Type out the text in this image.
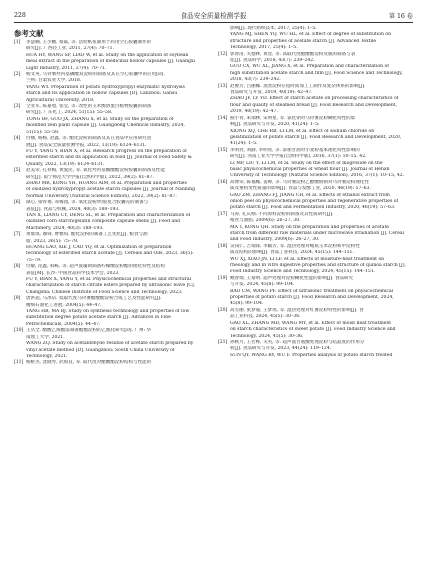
228	食品安全质量检测学报	第 16 卷
参考文献
[1]	李慧娴, 王少鹏, 蔡戚, 等. 活检纸浆制用于药用空心胶囊制作的
研究[J]. 广西轻工业, 2011, 27(4): 70–71.
HUA HY, WANG SP, LIAO W, et al. Study on the application of soybean
meal extract in the preparation of medicinal hollow capsules [J]. Guangxi
Light Industry, 2011, 27(4): 70–71.
[2]	杨文英. 马铃薯羟丙基磷酸双淀粉的制备及其在空心胶囊中的应用[D].
兰州: 甘肃农业大学, 2018.
YANG WY. Preparation of potato hydroxypropyl enzymatic hydrolysis
starch and its application in hollow capsules [D]. Lanzhou: Gansu
Agricultural University, 2018.
[3]	仝亚军, 陈嘉旭, 张莹, 等. 改性的玉米醇溶蛋白植物胶囊的制备
研究[J]. 广东化工, 2024, 51(15): 55–58.
TONG BF, GUO JX, ZHANG X, et al. Study on the preparation of
modified zein plant capsule [J]. Guangdong Chemical Industry, 2024,
51(15): 55–58.
[4]	付丽, 杨杨, 赵鑫, 等. 酯化淀粉的制备及其在食品中应用研究进
展[J]. 食品安全质量检测学报, 2022, 13(19): 6124–6131.
FU Y, YANG Y, BIAN X, et al. Research progress on the preparation of
esterified starch and its application in food [J]. Journal of Food Safety &
Quality, 2022, 13(19): 6124–6131.
[5]	赵美荣, 孔祥梅, 黄爱民, 等. 氧化羟丙基酶酸酯淀粉胶囊的制备及性能
研究[J]. 南宁师范大学学报(自然科学版), 2022, 39(2): 81–87.
ZHAO MR, KONG YH, HUANG AIM, et al. Preparation and properties
of oxidized hydroxypropyl acetate starch capsules [J]. Journal of Nanning
Normal University (Natural Science Edition), 2022, 39(2): 81–87.
[6]	谭心, 梁青禧, 邓梅园, 等. 氧化淀粉/明胶复合胶囊壳的制备与
表征[J]. 食品与机械, 2024, 40(3): 188–193.
TAN X, LIANG CY, DENG SL, et al. Preparation and characterization of
oxidized corn starch/gelatin composite capsule shells [J]. Food and
Machinery, 2024, 40(3): 188–193.
[7]	黄康琪, 谢锋, 曹雅琪. 酯化淀粉的制备工艺优化[J]. 粮食与油
脂, 2023, 36(5): 75–79.
HUANG LAO, XIE J, CAO YQ, et al. Optimization of preparation
technology of esterified starch acetate [J]. Cereals and Oils, 2023, 36(5):
75–79.
[8]	付敏, 范鑫, 韩栋, 等. 超声波辅助制备柠檬酸淀粉酯的理化特性及结构
表征[M]. 长沙: 中国食品科学技术学会, 2023.
FU Y, BIAN X, YANG Y, et al. Physicochemical properties and structural
characterization of starch citrate esters prepared by ultrasonic wave [C].
Changsha: Chinese Institute of Food Science and Technology, 2023.
[9]	唐洪超, 马冰洁. 低取代度马铃薯醋酸酯淀粉合成工艺及性能研究[J].
精细石油化工进展, 2004(5): 44–47.
TANG HB, MA BJ. Study on synthesis technology and properties of low
substitution degree potato acetate starch [J]. Advances in Fine
Petrochemicals, 2004(5): 44–47.
[10] 王丛全. 醋酸乙烯酯法制备酯酯淀粉的乙酰化研究[D]. 广州: 华
南理工大学, 2021.
WANG ZQ. Study on acetaldehyde residue of acetate starch prepared by
vinyl acetate method [D]. Guangzhou: South China University of
Technology, 2021.
[11] 杨桥杰, 沈晓琴, 武海良, 等. 取代度对醋酸酯淀粉结构与性能的
影响[J]. 现代纺织技术, 2017, 25(4): 1–5.
YANG MJ, SHEN YQ, WU HL, et al. Effect of degree of substitution on
structure and properties of acetate starch [J]. Advanced Textile
Technology, 2017, 25(4): 1–5.
[12] 郭春清, 关德林, 黄萱, 等. 高取代度醋酸酯淀粉及膜的制备与表
征[J]. 食品科学, 2018, 43(7): 239–242.
GUO CX, WU XL, JIANG X, et al. Preparation and characterization of
high substitution acetate starch and film [J]. Food Science and Technology,
2018, 43(7): 239–242.
[13] 赵俊芳, 吕丽娜. 蒸煮淀粉在短时间加工工制作及复杂体系的影响[J].
食品研究与开发, 2019, 40(19): 42–47.
ZHAO JF, LV YD. Effect of starch acetate on processing characteristics of
flour and quality of steamed bread [J]. Food Research and Development,
2019, 40(19): 42–47.
[14] 熊小青, 朱瑞林, 宋明星, 等. 氯化钠对马铃薯淀粉糊化特性的影
响[J]. 食品研究与开发, 2020, 41(24): 1–5.
XIONG XQ, CHE RB, LI LM, et al. Effect of sodium chloride on
gelatinization of potato starch [J]. Food Research and Development, 2020,
41(24): 1–5.
[15] 李明亮, 刘静, 李明亮, 等. 添加甘油对小麦粉基本理化特性影响的
研究[J]. 河南工业大学学报(自然科学版), 2016, 37(1): 10–15, 42.
LI MP, LIU Y, LI LM, et al. Study on the effect of mogroside on the
basic physicochemical properties of wheat flour [J]. Journal of Henan
University of Technology (Natural Science Edition), 2016, 37(1): 10–15, 42.
[16] 高博荣, 陈福娜, 姜帅, 等. 马铃薯淀粉乙醇酸钠钠对马铃薯淀粉理化性
质及重构变性质量的影响[J]. 食品与发酵工业, 2020, 46(19): 57–63.
GAO ZM, ZHANG FJ, JIANG CH, et al. Effects of ethanol extract from
onion peel on physicochemical properties and regenerative properties of
potato starch [J]. Food and Fermentation Industry, 2020, 46(19): 57–63.
[17] 马涛, 孔庆刚. 不同原料淀粉的制备及其性质研究[J].
粮食与油脂, 2009(6): 26–27, 30.
MA T, KONG QH. Study on the preparation and properties of acetate
starch from different raw materials under microwave irradiation [J]. Cereal
and Food Industry, 2009(6): 26–27, 30.
[18] 吴钱仁, 吉瑞锋, 李麒芳, 等. 湿热处理对蜡质玉米淀粉和中淀粉性
质及结构的影响[J]. 食品工业科技, 2024, 45(15): 144–151.
WU XJ, XIAO JN, LI LF, et al. Effects of moisture-heat treatment on
rheology and in vitro digestive properties and structure of quinoa starch [J].
Food Industry Science and Technology, 2024, 45(15): 144–151.
[19] 鲍春瑞, 王黎明. 超声处理对淀粉糊化性能的影响[J]. 食品研究
与开发, 2024, 45(8): 99–104.
BAO CM, WANG PF. Effect of ultrasonic treatment on physicochemical
properties of potato starch [J]. Food Research and Development, 2024,
45(8): 99–104.
[20] 高雪丽, 张梦迪, 王梦瑶, 等. 湿热处理对红薯淀粉特性的影响[J]. 食
品工业科技, 2024, 45(5): 30–36.
GAO XL, ZHANG MD, WANG MY, et al. Effect of moist heat treatment
on starch characteristics of sweet potato [J]. Food Industry Science and
Technology, 2024, 45(5): 30–36.
[21] 孙秋月, 王若桦, 关英, 等. 超声波甘氨酸处理淀粉与结晶度的作用分
析[J]. 食品研究与开发, 2023, 44(24): 119–124.
SUN QY, WANG RY, WU F. Properties analysis of potato starch treated
